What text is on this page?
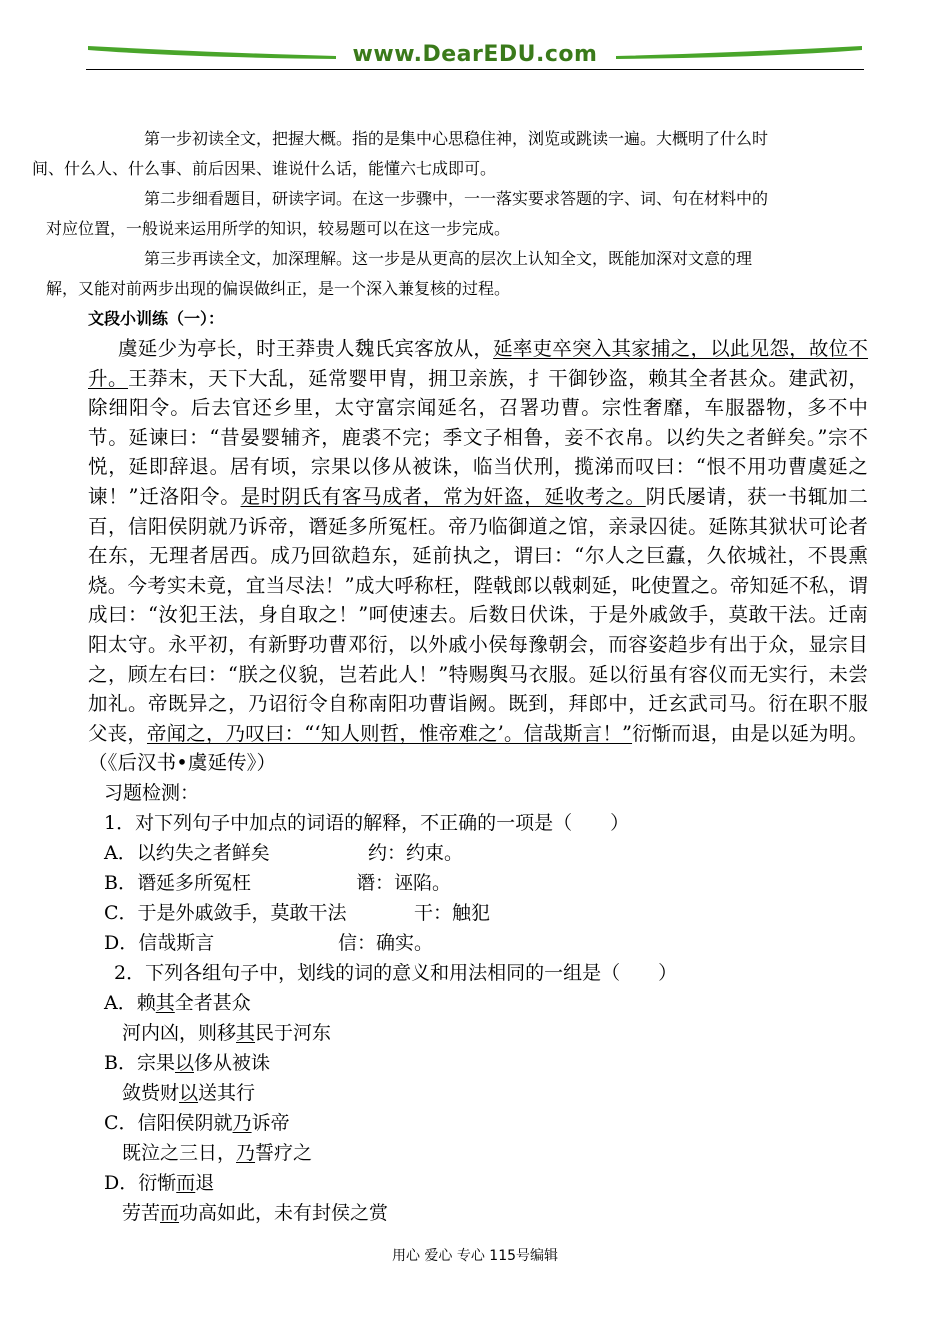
www.DearEDU.com

第一步初读全文，把握大概。指的是集中心思稳住神，浏览或跳读一遍。大概明了什么时
间、什么人、什么事、前后因果、谁说什么话，能懂六七成即可。

第二步细看题目，研读字词。在这一步骤中，一一落实要求答题的字、词、句在材料中的
对应位置，一般说来运用所学的知识，较易题可以在这一步完成。

第三步再读全文，加深理解。这一步是从更高的层次上认知全文，既能加深对文意的理
解，又能对前两步出现的偏误做纠正，是一个深入兼复核的过程。

文段小训练（一）：

虞延少为亭长，时王莽贵人魏氏宾客放从，延率吏卒突入其家捕之，以此见怨，故位不升。王莽末，天下大乱，延常婴甲胄，拥卫亲族，扌干御钞盗，赖其全者甚众。建武初，除细阳令。后去官还乡里，太守富宗闻延名，召署功曹。宗性奢靡，车服器物，多不中节。延谏曰：“昔晏婴辅齐，鹿裘不完；季文子相鲁，妾不衣帛。以约失之者鲜矣。”宗不悦，延即辞退。居有顷，宗果以侈从被诛，临当伏刑，揽涕而叹曰：“恨不用功曹虞延之谏！”迁洛阳令。是时阴氏有客马成者，常为奸盗，延收考之。阴氏屡请，获一书辄加二百，信阳侯阴就乃诉帝，谮延多所冤枉。帝乃临御道之馆，亲录囚徒。延陈其狱状可论者在东，无理者居西。成乃回欲趋东，延前执之，谓曰：“尔人之巨蠹，久依城社，不畏熏烧。今考实未竟，宜当尽法！”成大呼称枉，陛戟郎以戟刺延，叱使置之。帝知延不私，谓成曰：“汝犯王法，身自取之！”呵使速去。后数日伏诛，于是外戚敛手，莫敢干法。迁南阳太守。永平初，有新野功曹邓衍，以外戚小侯每豫朝会，而容姿趋步有出于众，显宗目之，顾左右曰：“朕之仪貌，岂若此人！”特赐舆马衣服。延以衍虽有容仪而无实行，未尝加礼。帝既异之，乃诏衍令自称南阳功曹诣阙。既到，拜郎中，迁玄武司马。衍在职不服父丧，帝闻之，乃叹曰：“‘知人则哲，惟帝难之’。信哉斯言！”衍惭而退，由是以延为明。（《后汉书•虞延传》）

习题检测：

1．对下列句子中加点的词语的解释，不正确的一项是（　　）

A．以约失之者鲜矣	约：约束。

B．谮延多所冤枉	谮：诬陷。

C．于是外戚敛手，莫敢干法	干：触犯

D．信哉斯言	信：确实。

2．下列各组句子中，划线的词的意义和用法相同的一组是（　　）

A．赖其全者甚众

河内凶，则移其民于河东

B．宗果以侈从被诛

敛赀财以送其行

C．信阳侯阴就乃诉帝

既泣之三日，乃誓疗之

D．衍惭而退

劳苦而功高如此，未有封侯之赏

用心 爱心 专心 115号编辑
